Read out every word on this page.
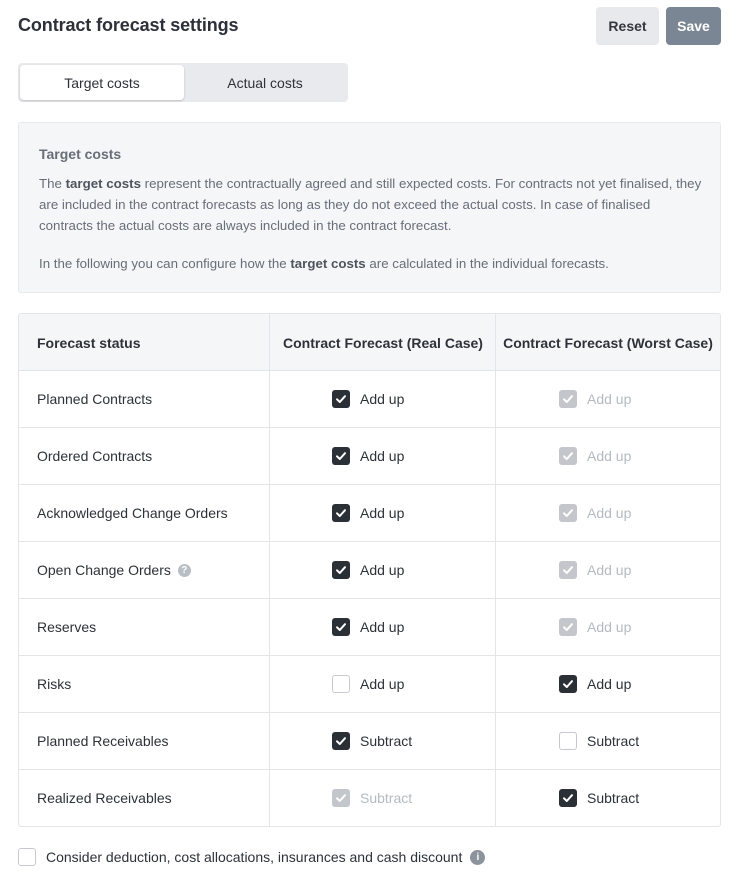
Contract forecast settings	Reset	Save
Target costs	Actual costs
Target costs
The target costs represent the contractually agreed and still expected costs. For contracts not yet finalised, they are included in the contract forecasts as long as they do not exceed the actual costs. In case of finalised contracts the actual costs are always included in the contract forecast.
In the following you can configure how the target costs are calculated in the individual forecasts.
Forecast status	Contract Forecast (Real Case)	Contract Forecast (Worst Case)
Planned Contracts	Add up	Add up
Ordered Contracts	Add up	Add up
Acknowledged Change Orders	Add up	Add up
Open Change Orders	?	Add up	Add up
Reserves	Add up	Add up
Risks	Add up	Add up
Planned Receivables	Subtract	Subtract
Realized Receivables	Subtract	Subtract
Consider deduction, cost allocations, insurances and cash discount	i
